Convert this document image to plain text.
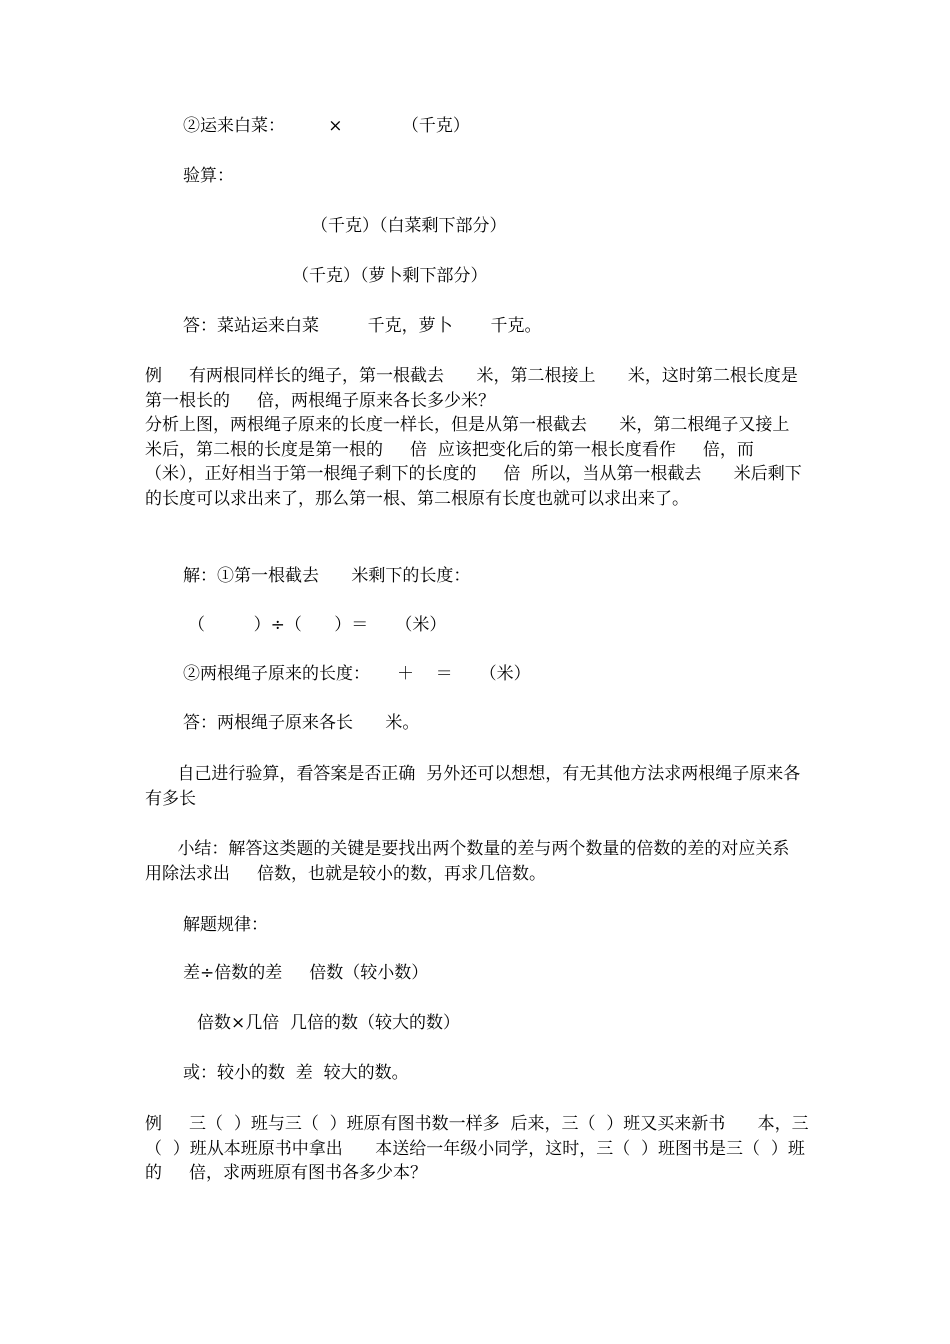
②运来白菜：        ×           （千克）
验算：
（千克）（白菜剩下部分）
（千克）（萝卜剩下部分）
答：菜站运来白菜         千克，萝卜       千克。
例     有两根同样长的绳子，第一根截去      米，第二根接上      米，这时第二根长度是第一根长的     倍，两根绳子原来各长多少米？
分析上图，两根绳子原来的长度一样长，但是从第一根截去      米，第二根绳子又接上      米后，第二根的长度是第一根的     倍  应该把变化后的第一根长度看作     倍，而                （米），正好相当于第一根绳子剩下的长度的     倍  所以，当从第一根截去      米后剩下的长度可以求出来了，那么第一根、第二根原有长度也就可以求出来了。
解：①第一根截去      米剩下的长度：
（         ）÷（      ）＝     （米）
②两根绳子原来的长度：     ＋    ＝     （米）
答：两根绳子原来各长      米。
自己进行验算，看答案是否正确  另外还可以想想，有无其他方法求两根绳子原来各有多长
小结：解答这类题的关键是要找出两个数量的差与两个数量的倍数的差的对应关系  用除法求出     倍数，也就是较小的数，再求几倍数。
解题规律：
差÷倍数的差     倍数（较小数）
倍数×几倍  几倍的数（较大的数）
或：较小的数  差  较大的数。
例     三（  ）班与三（  ）班原有图书数一样多  后来，三（  ）班又买来新书      本，三（  ）班从本班原书中拿出      本送给一年级小同学，这时，三（  ）班图书是三（  ）班的     倍，求两班原有图书各多少本？
